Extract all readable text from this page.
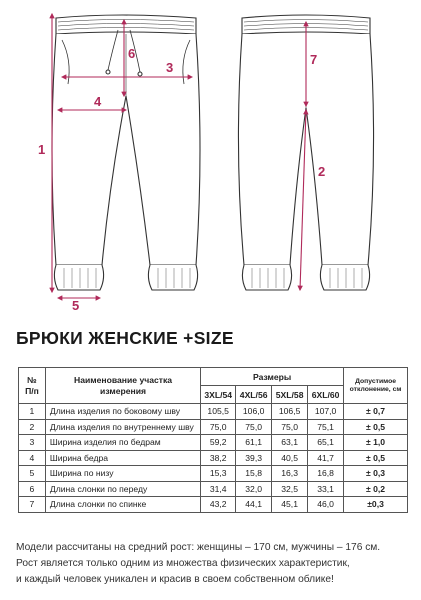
1
2
3
4
5
6	7
БРЮКИ ЖЕНСКИЕ +SIZE
№
П/п	Наименование участка
измерения	Размеры				Допустимое
отклонение, см
		3XL/54	4XL/56	5XL/58	6XL/60	
1	Длина изделия по боковому шву	105,5	106,0	106,5	107,0	± 0,7
2	Длина изделия по внутреннему шву	75,0	75,0	75,0	75,1	± 0,5
3	Ширина изделия по бедрам	59,2	61,1	63,1	65,1	± 1,0
4	Ширина бедра	38,2	39,3	40,5	41,7	± 0,5
5	Ширина по низу	15,3	15,8	16,3	16,8	± 0,3
6	Длина слонки по переду	31,4	32,0	32,5	33,1	± 0,2
7	Длина слонки по спинке	43,2	44,1	45,1	46,0	±0,3
Модели рассчитаны на средний рост: женщины – 170 см, мужчины – 176 см.
Рост является только одним из множества физических характеристик,
и каждый человек уникален и красив в своем собственном облике!
